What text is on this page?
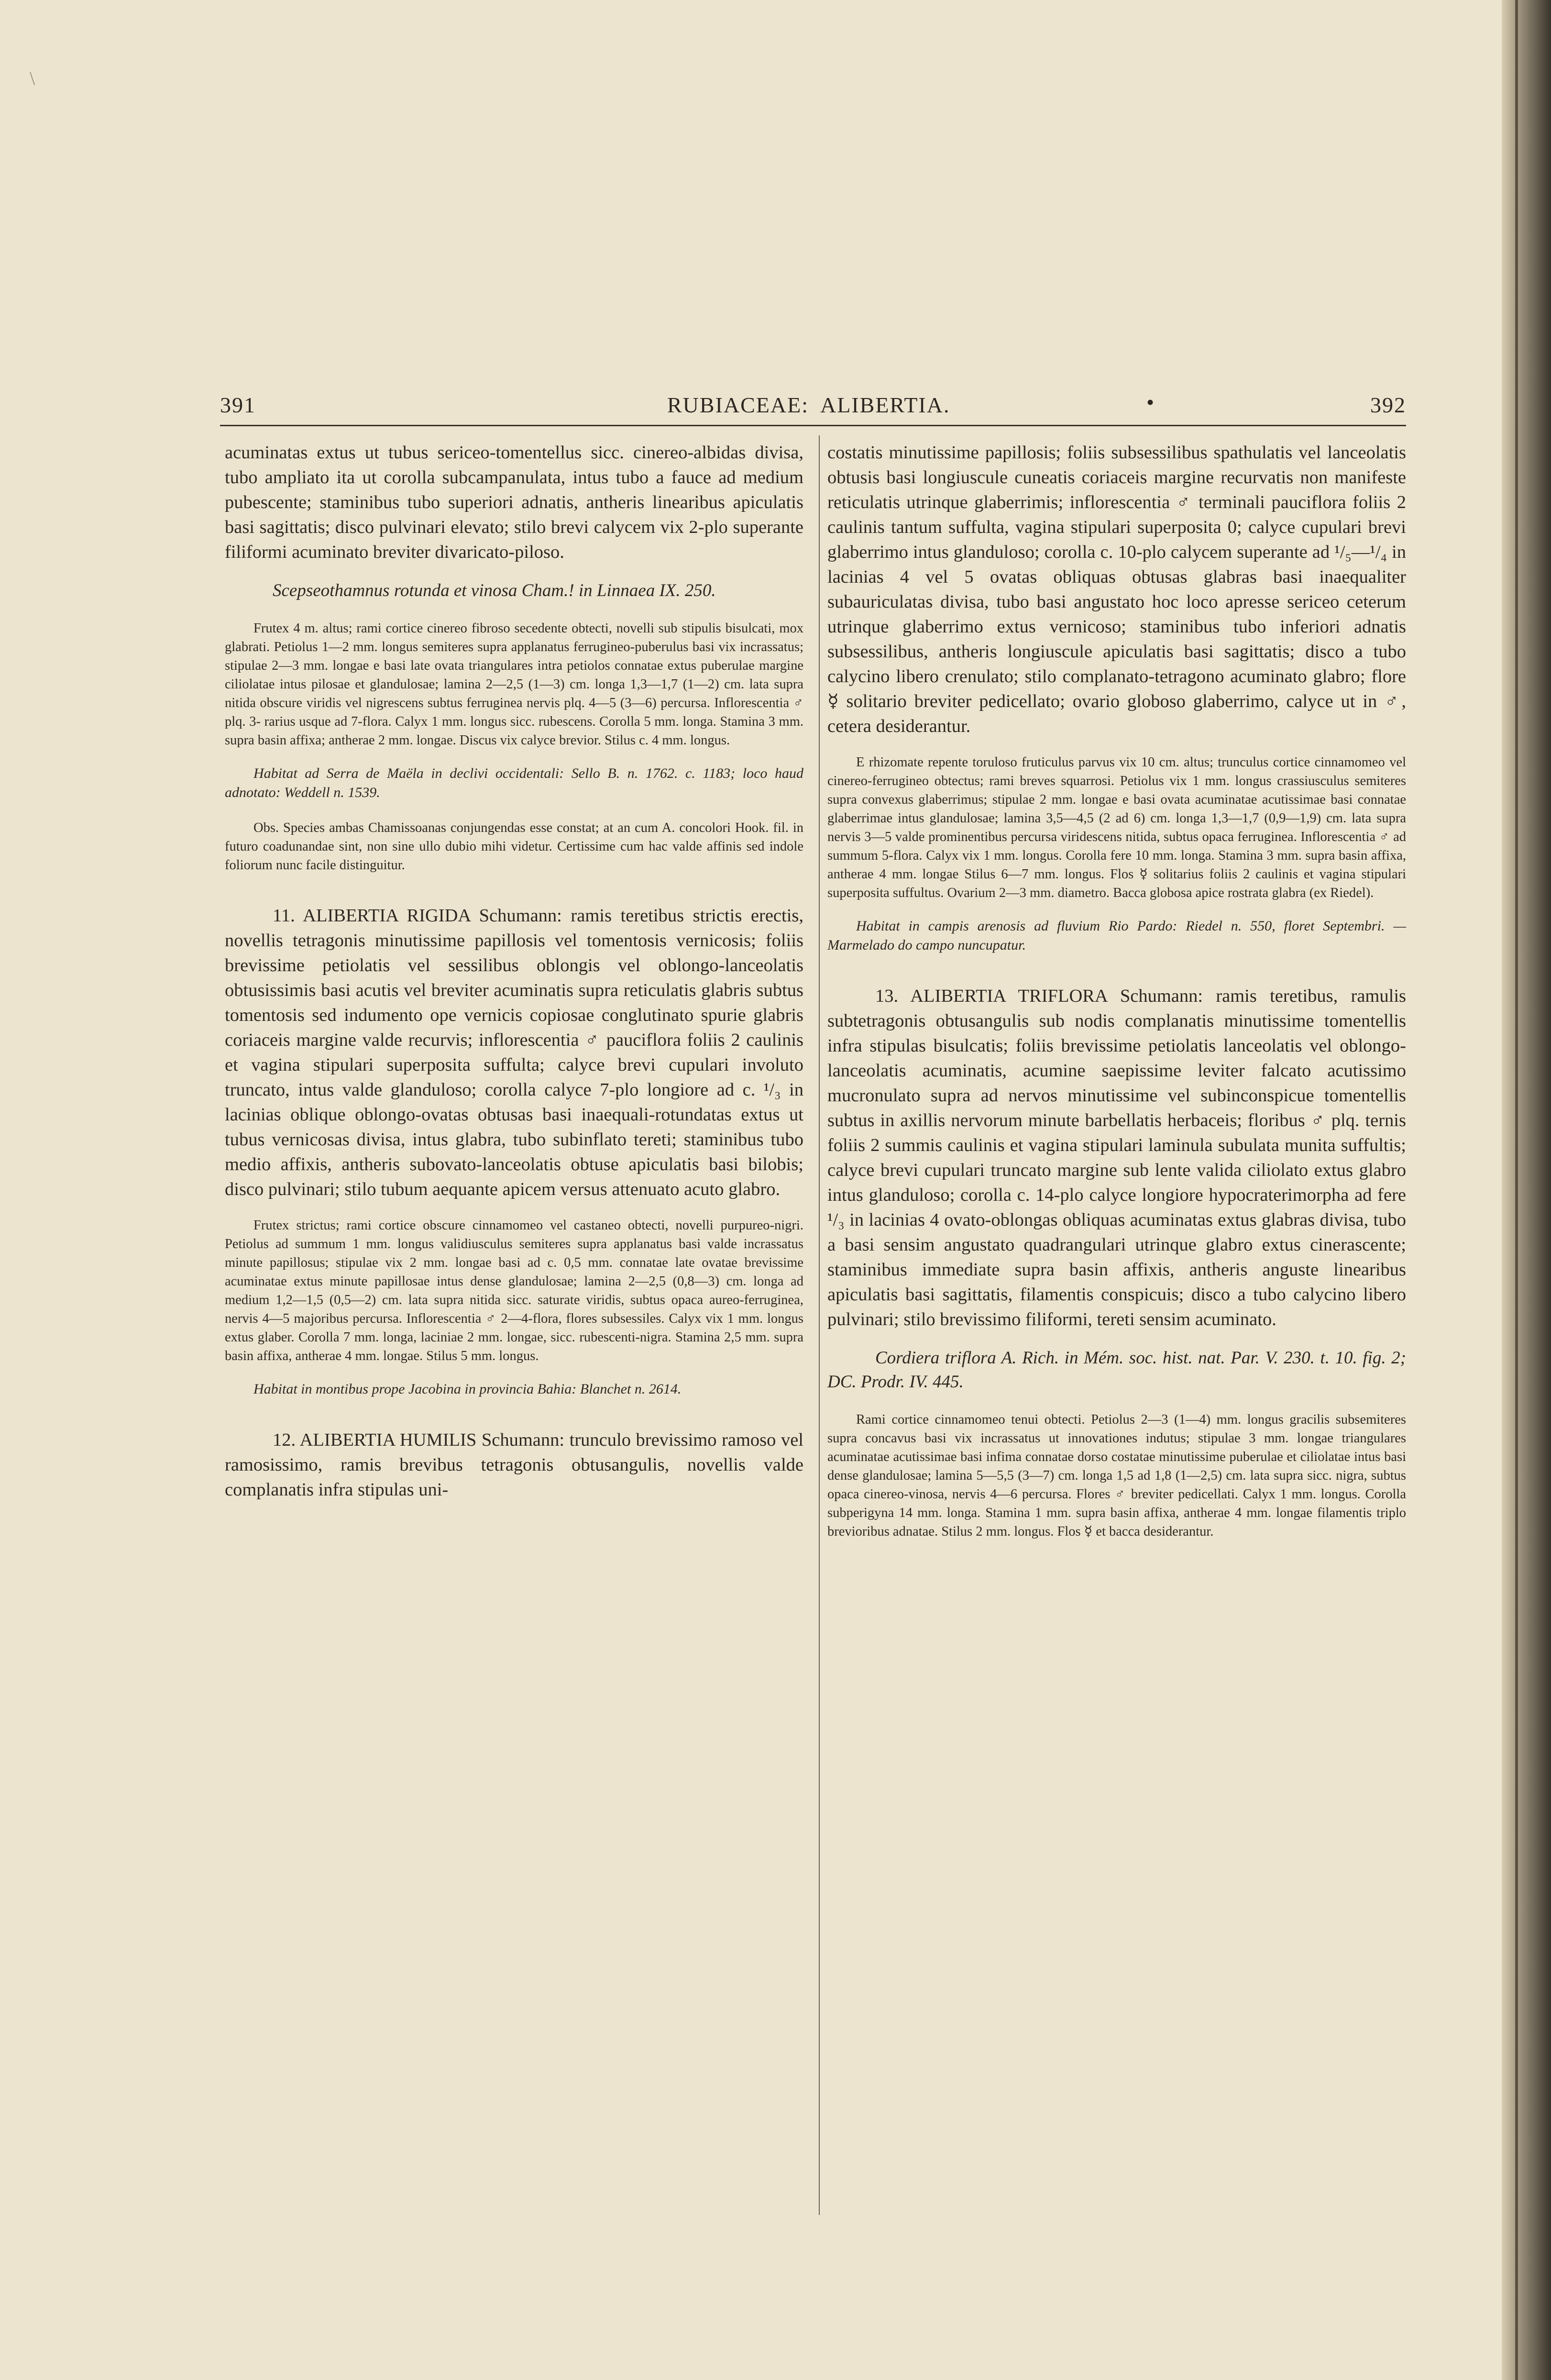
\
391	RUBIACEAE: ALIBERTIA.	•	392

acuminatas extus ut tubus sericeo-tomentellus sicc. cinereo-albidas divisa, tubo ampliato ita ut corolla subcampanulata, intus tubo a fauce ad medium pubescente; staminibus tubo superiori adnatis, antheris linearibus apiculatis basi sagittatis; disco pulvinari elevato; stilo brevi calycem vix 2-plo superante filiformi acuminato breviter divaricato-piloso.

Scepseothamnus rotunda et vinosa Cham.! in Linnaea IX. 250.

Frutex 4 m. altus; rami cortice cinereo fibroso secedente obtecti, novelli sub stipulis bisulcati, mox glabrati. Petiolus 1—2 mm. longus semiteres supra applanatus ferrugineo-puberulus basi vix incrassatus; stipulae 2—3 mm. longae e basi late ovata triangulares intra petiolos connatae extus puberulae margine ciliolatae intus pilosae et glandulosae; lamina 2—2,5 (1—3) cm. longa 1,3—1,7 (1—2) cm. lata supra nitida obscure viridis vel nigrescens subtus ferruginea nervis plq. 4—5 (3—6) percursa. Inflorescentia ♂ plq. 3- rarius usque ad 7-flora. Calyx 1 mm. longus sicc. rubescens. Corolla 5 mm. longa. Stamina 3 mm. supra basin affixa; antherae 2 mm. longae. Discus vix calyce brevior. Stilus c. 4 mm. longus.

Habitat ad Serra de Maëla in declivi occidentali: Sello B. n. 1762. c. 1183; loco haud adnotato: Weddell n. 1539.

Obs. Species ambas Chamissoanas conjungendas esse constat; at an cum A. concolori Hook. fil. in futuro coadunandae sint, non sine ullo dubio mihi videtur. Certissime cum hac valde affinis sed indole foliorum nunc facile distinguitur.

11. ALIBERTIA RIGIDA Schumann: ramis teretibus strictis erectis, novellis tetragonis minutissime papillosis vel tomentosis vernicosis; foliis brevissime petiolatis vel sessilibus oblongis vel oblongo-lanceolatis obtusissimis basi acutis vel breviter acuminatis supra reticulatis glabris subtus tomentosis sed indumento ope vernicis copiosae conglutinato spurie glabris coriaceis margine valde recurvis; inflorescentia ♂ pauciflora foliis 2 caulinis et vagina stipulari superposita suffulta; calyce brevi cupulari involuto truncato, intus valde glanduloso; corolla calyce 7-plo longiore ad c. ¹/₃ in lacinias oblique oblongo-ovatas obtusas basi inaequali-rotundatas extus ut tubus vernicosas divisa, intus glabra, tubo subinflato tereti; staminibus tubo medio affixis, antheris subovato-lanceolatis obtuse apiculatis basi bilobis; disco pulvinari; stilo tubum aequante apicem versus attenuato acuto glabro.

Frutex strictus; rami cortice obscure cinnamomeo vel castaneo obtecti, novelli purpureo-nigri. Petiolus ad summum 1 mm. longus validiusculus semiteres supra applanatus basi valde incrassatus minute papillosus; stipulae vix 2 mm. longae basi ad c. 0,5 mm. connatae late ovatae brevissime acuminatae extus minute papillosae intus dense glandulosae; lamina 2—2,5 (0,8—3) cm. longa ad medium 1,2—1,5 (0,5—2) cm. lata supra nitida sicc. saturate viridis, subtus opaca aureo-ferruginea, nervis 4—5 majoribus percursa. Inflorescentia ♂ 2—4-flora, flores subsessiles. Calyx vix 1 mm. longus extus glaber. Corolla 7 mm. longa, laciniae 2 mm. longae, sicc. rubescenti-nigra. Stamina 2,5 mm. supra basin affixa, antherae 4 mm. longae. Stilus 5 mm. longus.

Habitat in montibus prope Jacobina in provincia Bahia: Blanchet n. 2614.

12. ALIBERTIA HUMILIS Schumann: trunculo brevissimo ramoso vel ramosissimo, ramis brevibus tetragonis obtusangulis, novellis valde complanatis infra stipulas uni-

costatis minutissime papillosis; foliis subsessilibus spathulatis vel lanceolatis obtusis basi longiuscule cuneatis coriaceis margine recurvatis non manifeste reticulatis utrinque glaberrimis; inflorescentia ♂ terminali pauciflora foliis 2 caulinis tantum suffulta, vagina stipulari superposita 0; calyce cupulari brevi glaberrimo intus glanduloso; corolla c. 10-plo calycem superante ad ¹/₅—¹/₄ in lacinias 4 vel 5 ovatas obliquas obtusas glabras basi inaequaliter subauriculatas divisa, tubo basi angustato hoc loco apresse sericeo ceterum utrinque glaberrimo extus vernicoso; staminibus tubo inferiori adnatis subsessilibus, antheris longiuscule apiculatis basi sagittatis; disco a tubo calycino libero crenulato; stilo complanato-tetragono acuminato glabro; flore ☿ solitario breviter pedicellato; ovario globoso glaberrimo, calyce ut in ♂, cetera desiderantur.

E rhizomate repente toruloso fruticulus parvus vix 10 cm. altus; trunculus cortice cinnamomeo vel cinereo-ferrugineo obtectus; rami breves squarrosi. Petiolus vix 1 mm. longus crassiusculus semiteres supra convexus glaberrimus; stipulae 2 mm. longae e basi ovata acuminatae acutissimae basi connatae glaberrimae intus glandulosae; lamina 3,5—4,5 (2 ad 6) cm. longa 1,3—1,7 (0,9—1,9) cm. lata supra nervis 3—5 valde prominentibus percursa viridescens nitida, subtus opaca ferruginea. Inflorescentia ♂ ad summum 5-flora. Calyx vix 1 mm. longus. Corolla fere 10 mm. longa. Stamina 3 mm. supra basin affixa, antherae 4 mm. longae Stilus 6—7 mm. longus. Flos ☿ solitarius foliis 2 caulinis et vagina stipulari superposita suffultus. Ovarium 2—3 mm. diametro. Bacca globosa apice rostrata glabra (ex Riedel).

Habitat in campis arenosis ad fluvium Rio Pardo: Riedel n. 550, floret Septembri. — Marmelado do campo nuncupatur.

13. ALIBERTIA TRIFLORA Schumann: ramis teretibus, ramulis subtetragonis obtusangulis sub nodis complanatis minutissime tomentellis infra stipulas bisulcatis; foliis brevissime petiolatis lanceolatis vel oblongo-lanceolatis acuminatis, acumine saepissime leviter falcato acutissimo mucronulato supra ad nervos minutissime vel subinconspicue tomentellis subtus in axillis nervorum minute barbellatis herbaceis; floribus ♂ plq. ternis foliis 2 summis caulinis et vagina stipulari laminula subulata munita suffultis; calyce brevi cupulari truncato margine sub lente valida ciliolato extus glabro intus glanduloso; corolla c. 14-plo calyce longiore hypocraterimorpha ad fere ¹/₃ in lacinias 4 ovato-oblongas obliquas acuminatas extus glabras divisa, tubo a basi sensim angustato quadrangulari utrinque glabro extus cinerascente; staminibus immediate supra basin affixis, antheris anguste linearibus apiculatis basi sagittatis, filamentis conspicuis; disco a tubo calycino libero pulvinari; stilo brevissimo filiformi, tereti sensim acuminato.

Cordiera triflora A. Rich. in Mém. soc. hist. nat. Par. V. 230. t. 10. fig. 2; DC. Prodr. IV. 445.

Rami cortice cinnamomeo tenui obtecti. Petiolus 2—3 (1—4) mm. longus gracilis subsemiteres supra concavus basi vix incrassatus ut innovationes indutus; stipulae 3 mm. longae triangulares acuminatae acutissimae basi infima connatae dorso costatae minutissime puberulae et ciliolatae intus basi dense glandulosae; lamina 5—5,5 (3—7) cm. longa 1,5 ad 1,8 (1—2,5) cm. lata supra sicc. nigra, subtus opaca cinereo-vinosa, nervis 4—6 percursa. Flores ♂ breviter pedicellati. Calyx 1 mm. longus. Corolla subperigyna 14 mm. longa. Stamina 1 mm. supra basin affixa, antherae 4 mm. longae filamentis triplo brevioribus adnatae. Stilus 2 mm. longus. Flos ☿ et bacca desiderantur.
